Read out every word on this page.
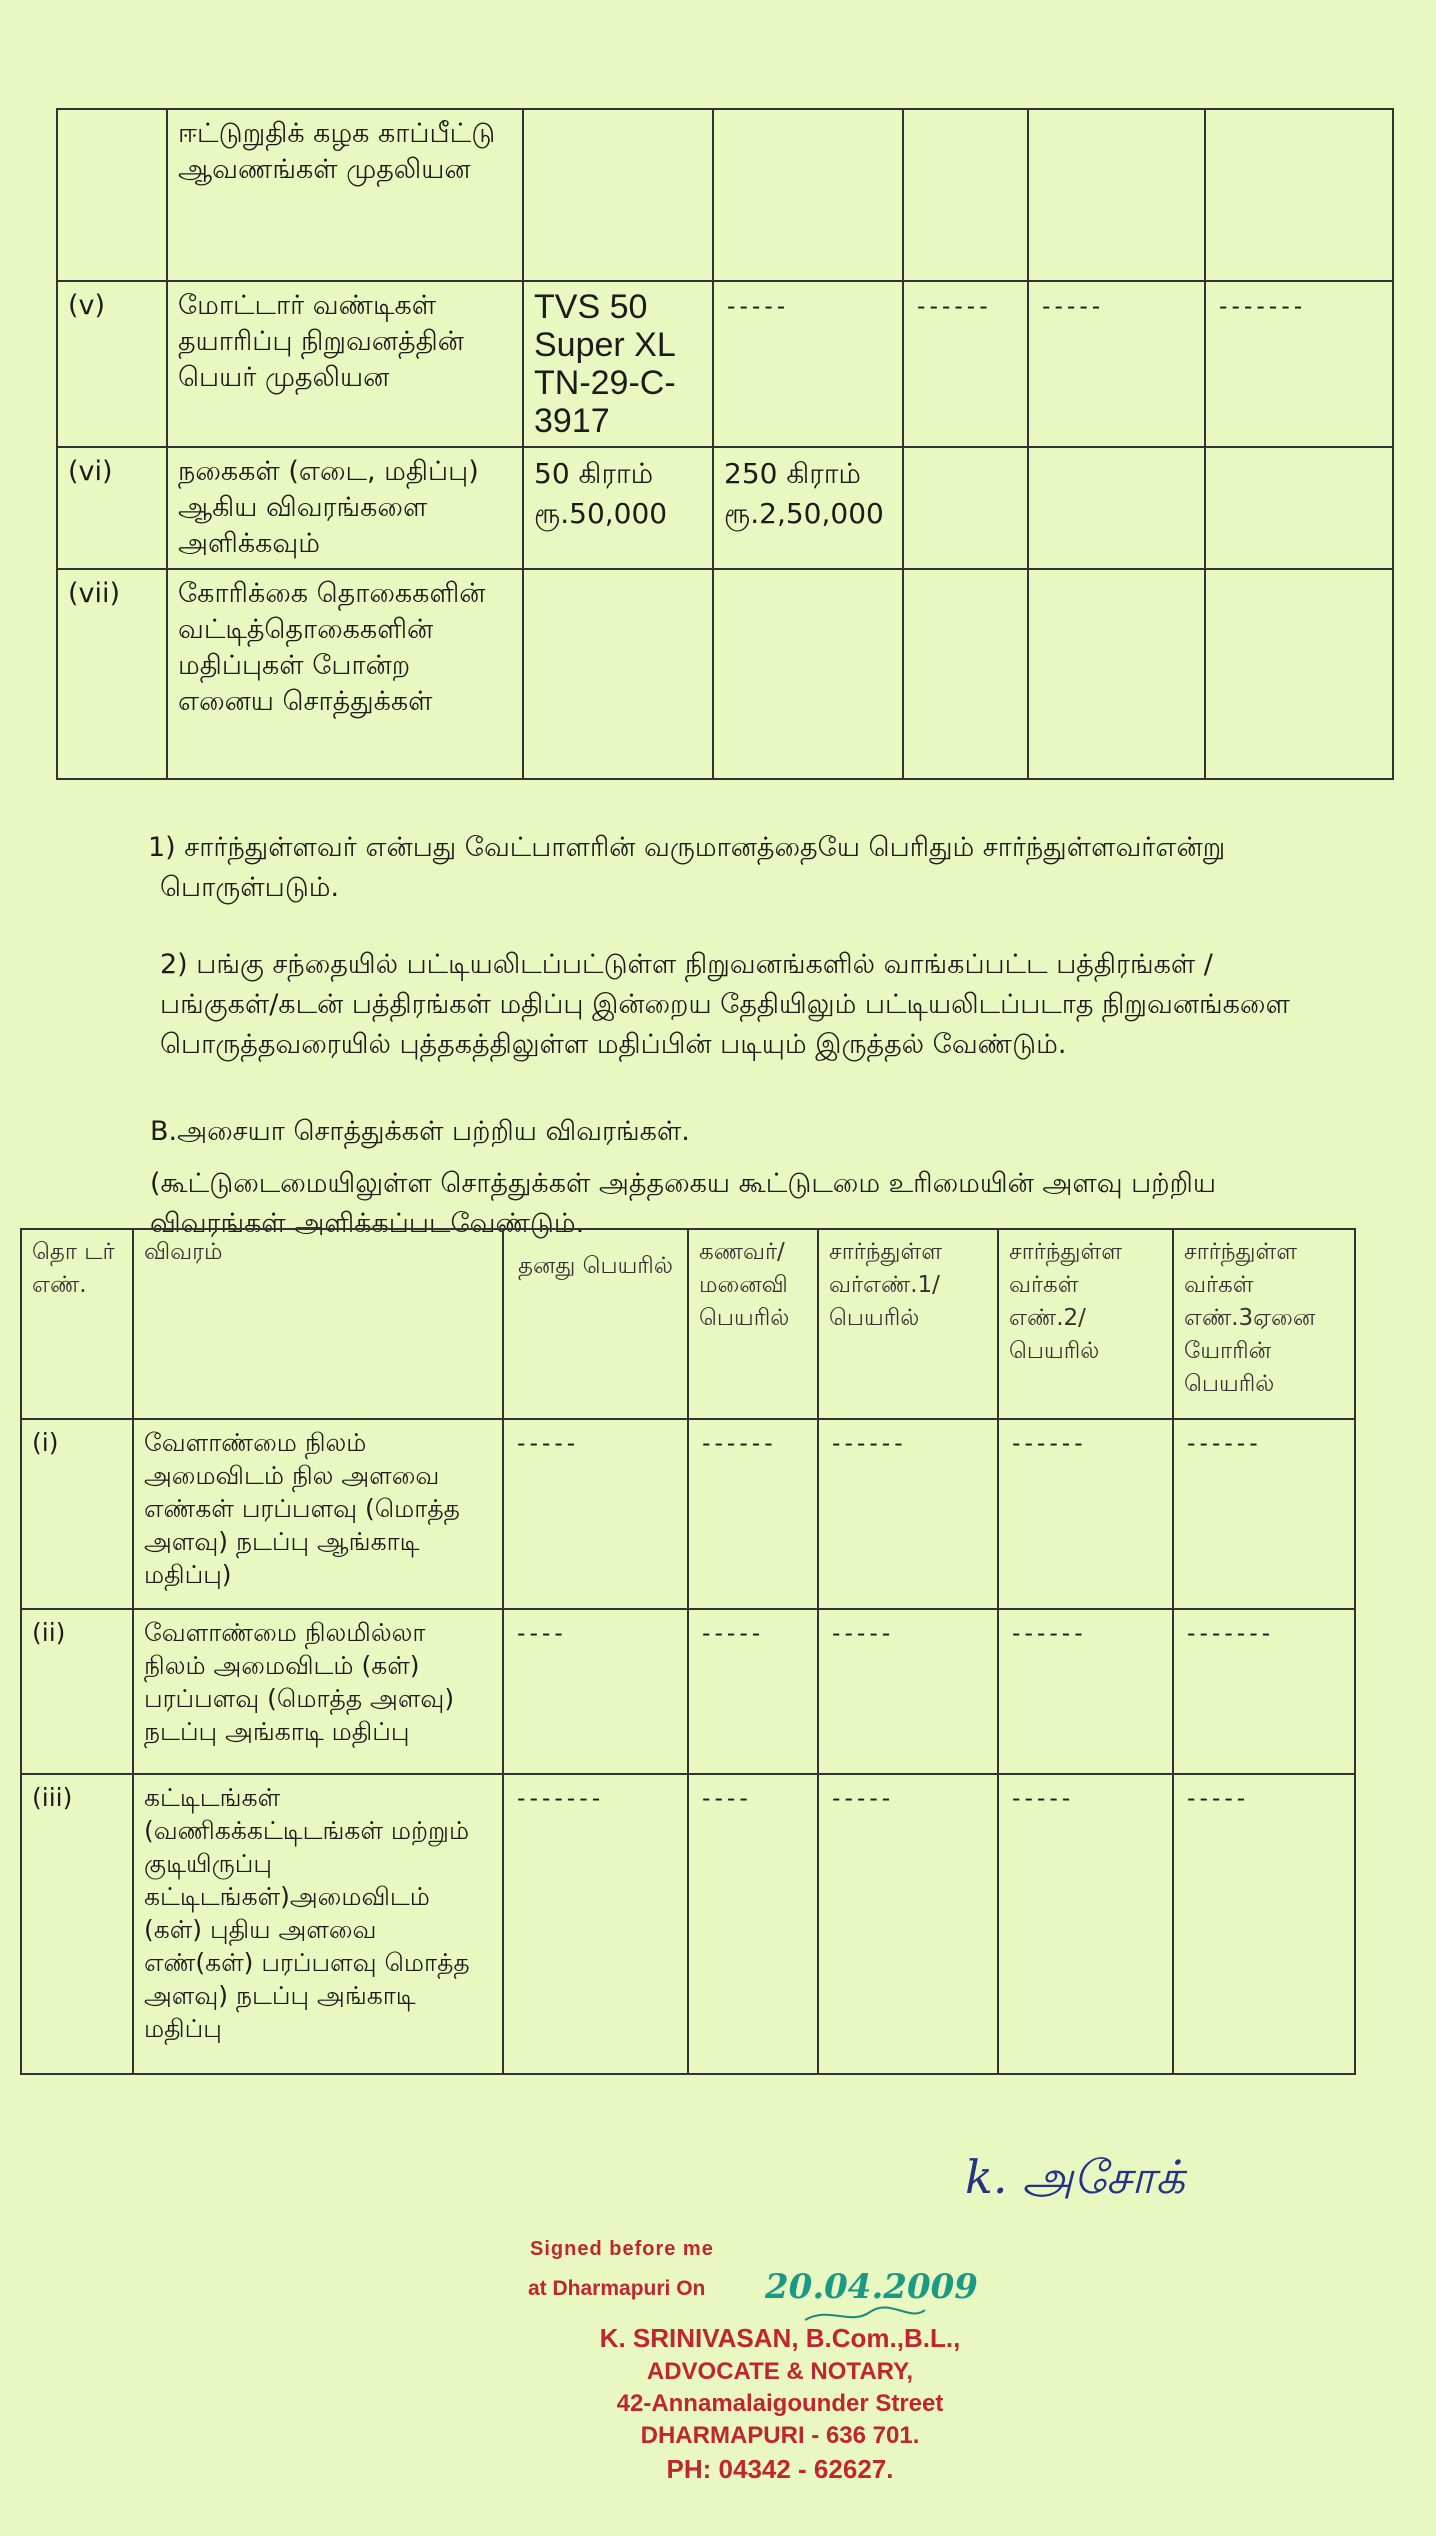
	ஈட்டுறுதிக் கழக காப்பீட்டு ஆவணங்கள் முதலியன					
(v)	மோட்டார் வண்டிகள் தயாரிப்பு நிறுவனத்தின் பெயர் முதலியன	TVS 50 Super XL TN-29-C-3917	-----	------	-----	-------
(vi)	நகைகள் (எடை, மதிப்பு) ஆகிய விவரங்களை அளிக்கவும்	50 கிராம் ரூ.50,000	250 கிராம் ரூ.2,50,000			
(vii)	கோரிக்கை தொகைகளின் வட்டித்தொகைகளின் மதிப்புகள் போன்ற எனைய சொத்துக்கள்					
1) சார்ந்துள்ளவர் என்பது வேட்பாளரின் வருமானத்தையே பெரிதும் சார்ந்துள்ளவர்என்று பொருள்படும்.
2) பங்கு சந்தையில் பட்டியலிடப்பட்டுள்ள நிறுவனங்களில் வாங்கப்பட்ட பத்திரங்கள் /பங்குகள்/கடன் பத்திரங்கள் மதிப்பு இன்றைய தேதியிலும் பட்டியலிடப்படாத நிறுவனங்களை பொருத்தவரையில் புத்தகத்திலுள்ள மதிப்பின் படியும் இருத்தல் வேண்டும்.
B.அசையா சொத்துக்கள் பற்றிய விவரங்கள்.
(கூட்டுடைமையிலுள்ள சொத்துக்கள் அத்தகைய கூட்டுடமை உரிமையின் அளவு பற்றிய விவரங்கள் அளிக்கப்படவேண்டும்.
தொ டர் எண்.	விவரம்	தனது பெயரில்	கணவர்/ மனைவி பெயரில்	சார்ந்துள்ள வர்எண்.1/ பெயரில்	சார்ந்துள்ள வர்கள் எண்.2/ பெயரில்	சார்ந்துள்ள வர்கள் எண்.3ஏனை யோரின் பெயரில்
(i)	வேளாண்மை நிலம் அமைவிடம் நில அளவை எண்கள் பரப்பளவு (மொத்த அளவு) நடப்பு ஆங்காடி மதிப்பு)	-----	------	------	------	------
(ii)	வேளாண்மை நிலமில்லா நிலம் அமைவிடம் (கள்) பரப்பளவு (மொத்த அளவு) நடப்பு அங்காடி மதிப்பு	----	-----	-----	------	-------
(iii)	கட்டிடங்கள் (வணிகக்கட்டிடங்கள் மற்றும் குடியிருப்பு கட்டிடங்கள்)அமைவிடம் (கள்) புதிய அளவை எண்(கள்) பரப்பளவு மொத்த அளவு) நடப்பு அங்காடி மதிப்பு	-------	----	-----	-----	-----
k. அசோக்
Signed before me
at Dharmapuri On 20.04.2009
K. SRINIVASAN, B.Com.,B.L.,
ADVOCATE & NOTARY,
42-Annamalaigounder Street
DHARMAPURI - 636 701.
PH: 04342 - 62627.
